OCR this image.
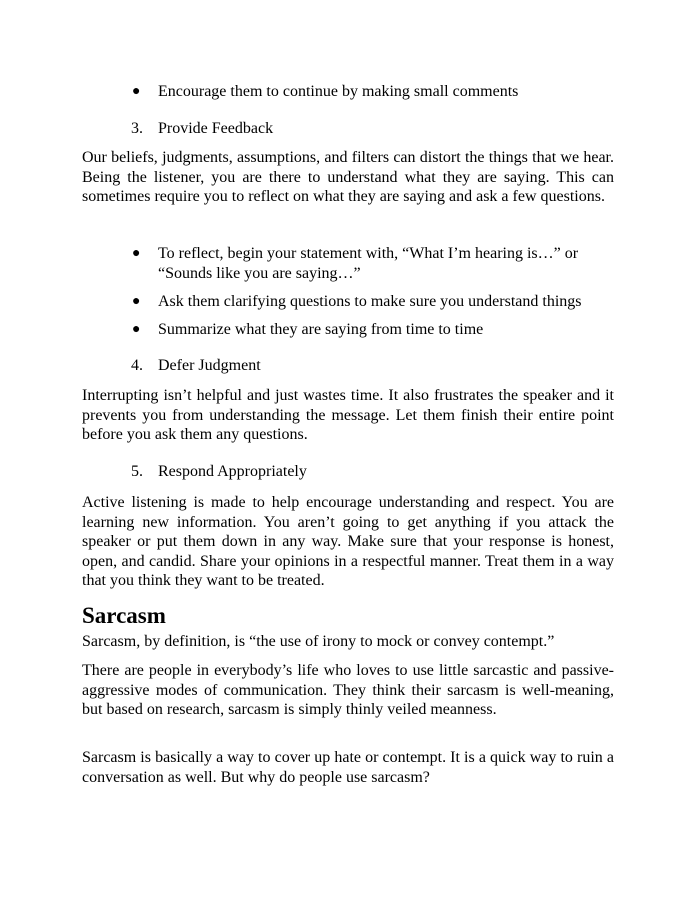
● Encourage them to continue by making small comments
3. Provide Feedback
Our beliefs, judgments, assumptions, and filters can distort the things that we hear. Being the listener, you are there to understand what they are saying. This can sometimes require you to reflect on what they are saying and ask a few questions.
● To reflect, begin your statement with, “What I’m hearing is…” or “Sounds like you are saying…”
● Ask them clarifying questions to make sure you understand things
● Summarize what they are saying from time to time
4. Defer Judgment
Interrupting isn’t helpful and just wastes time. It also frustrates the speaker and it prevents you from understanding the message. Let them finish their entire point before you ask them any questions.
5. Respond Appropriately
Active listening is made to help encourage understanding and respect. You are learning new information. You aren’t going to get anything if you attack the speaker or put them down in any way. Make sure that your response is honest, open, and candid. Share your opinions in a respectful manner. Treat them in a way that you think they want to be treated.
Sarcasm
Sarcasm, by definition, is “the use of irony to mock or convey contempt.”
There are people in everybody’s life who loves to use little sarcastic and passive-aggressive modes of communication. They think their sarcasm is well-meaning, but based on research, sarcasm is simply thinly veiled meanness.
Sarcasm is basically a way to cover up hate or contempt. It is a quick way to ruin a conversation as well. But why do people use sarcasm?
